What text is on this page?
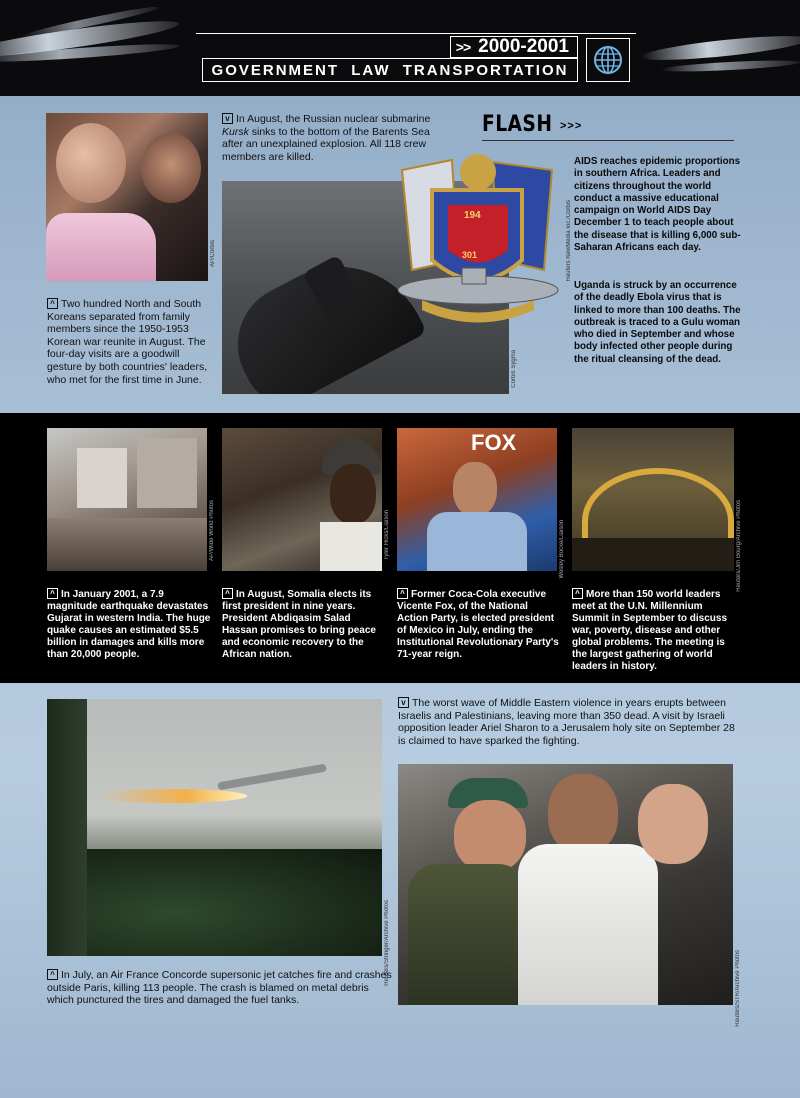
>> 2000-2001
GOVERNMENT LAW TRANSPORTATION
AP/Corbis
^ Two hundred North and South Koreans separated from family members since the 1950-1953 Korean war reunite in August. The four-day visits are a goodwill gesture by both countries' leaders, who met for the first time in June.
v In August, the Russian nuclear submarine Kursk sinks to the bottom of the Barents Sea after an unexplained explosion. All 118 crew members are killed.
Corbis Sygma
194
301	Reuters NewMedia Inc./Corbis
FLASH >>>
AIDS reaches epidemic proportions in southern Africa. Leaders and citizens throughout the world conduct a massive educational campaign on World AIDS Day December 1 to teach people about the disease that is killing 6,000 sub-Saharan Africans each day.
Uganda is struck by an occurrence of the deadly Ebola virus that is linked to more than 100 deaths. The outbreak is traced to a Gulu woman who died in September and whose body infected other people during the ritual cleansing of the dead.
AP/Wide World Photos	Tyler Hicks/Liaison
FOX
Wesley Bocxe/Liaison	Reuters/Jim Bourg/Archive Photos
^ In January 2001, a 7.9 magnitude earthquake devastates Gujarat in western India. The huge quake causes an estimated $5.5 billion in damages and kills more than 20,000 people.
^ In August, Somalia elects its first president in nine years. President Abdiqasim Salad Hassan promises to bring peace and economic recovery to the African nation.
^ Former Coca-Cola executive Vicente Fox, of the National Action Party, is elected president of Mexico in July, ending the Institutional Revolutionary Party's 71-year reign.
^ More than 150 world leaders meet at the U.N. Millennium Summit in September to discuss war, poverty, disease and other global problems. The meeting is the largest gathering of world leaders in history.
Reuters/Stringer/Archive Photos
^ In July, an Air France Concorde supersonic jet catches fire and crashes outside Paris, killing 113 people. The crash is blamed on metal debris which punctured the tires and damaged the fuel tanks.
v The worst wave of Middle Eastern violence in years erupts between Israelis and Palestinians, leaving more than 350 dead. A visit by Israeli opposition leader Ariel Sharon to a Jerusalem holy site on September 28 is claimed to have sparked the fighting.
Reuters/STR/Archive Photos
